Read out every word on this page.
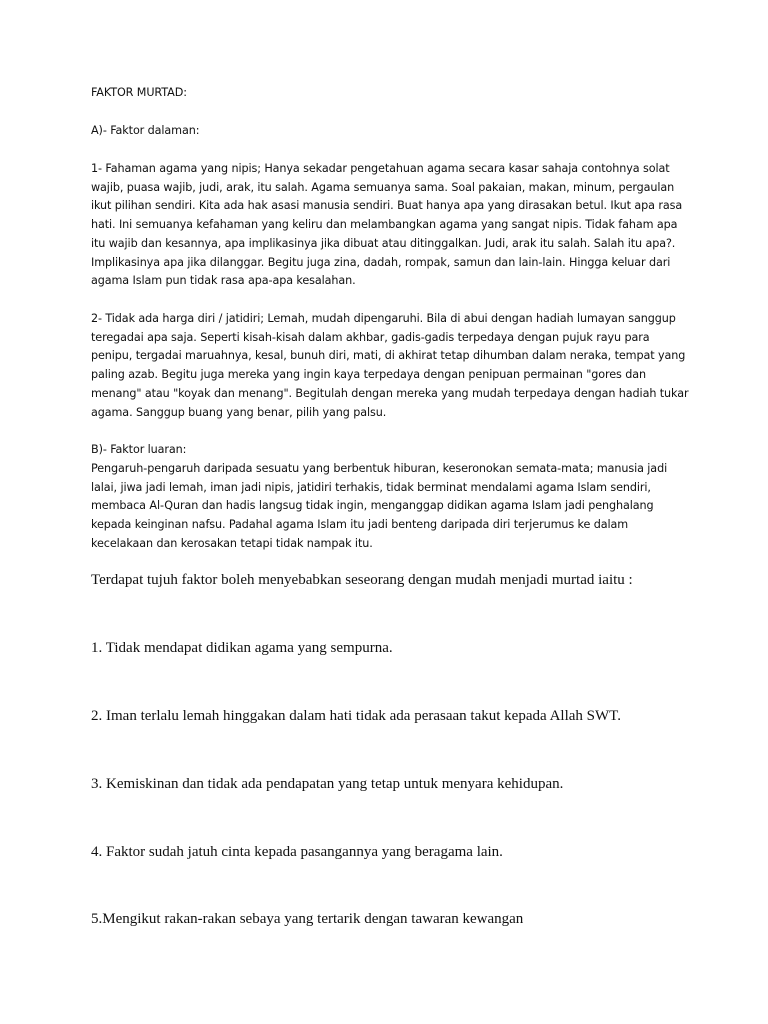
FAKTOR MURTAD:

A)- Faktor dalaman:

1- Fahaman agama yang nipis; Hanya sekadar pengetahuan agama secara kasar sahaja contohnya solat wajib, puasa wajib, judi, arak, itu salah. Agama semuanya sama. Soal pakaian, makan, minum, pergaulan ikut pilihan sendiri. Kita ada hak asasi manusia sendiri. Buat hanya apa yang dirasakan betul. Ikut apa rasa hati. Ini semuanya kefahaman yang keliru dan melambangkan agama yang sangat nipis. Tidak faham apa itu wajib dan kesannya, apa implikasinya jika dibuat atau ditinggalkan. Judi, arak itu salah. Salah itu apa?. Implikasinya apa jika dilanggar. Begitu juga zina, dadah, rompak, samun dan lain-lain. Hingga keluar dari agama Islam pun tidak rasa apa-apa kesalahan.

2- Tidak ada harga diri / jatidiri; Lemah, mudah dipengaruhi. Bila di abui dengan hadiah lumayan sanggup teregadai apa saja. Seperti kisah-kisah dalam akhbar, gadis-gadis terpedaya dengan pujuk rayu para penipu, tergadai maruahnya, kesal, bunuh diri, mati, di akhirat tetap dihumban dalam neraka, tempat yang paling azab. Begitu juga mereka yang ingin kaya terpedaya dengan penipuan permainan "gores dan menang" atau "koyak dan menang". Begitulah dengan mereka yang mudah terpedaya dengan hadiah tukar agama. Sanggup buang yang benar, pilih yang palsu.

B)- Faktor luaran:

Pengaruh-pengaruh daripada sesuatu yang berbentuk hiburan, keseronokan semata-mata; manusia jadi lalai, jiwa jadi lemah, iman jadi nipis, jatidiri terhakis, tidak berminat mendalami agama Islam sendiri, membaca Al-Quran dan hadis langsug tidak ingin, menganggap didikan agama Islam jadi penghalang kepada keinginan nafsu. Padahal agama Islam itu jadi benteng daripada diri terjerumus ke dalam kecelakaan dan kerosakan tetapi tidak nampak itu.

Terdapat tujuh faktor boleh menyebabkan seseorang dengan mudah menjadi murtad iaitu :

1. Tidak mendapat didikan agama yang sempurna.

2. Iman terlalu lemah hinggakan dalam hati tidak ada perasaan takut kepada Allah SWT.

3. Kemiskinan dan tidak ada pendapatan yang tetap untuk menyara kehidupan.

4. Faktor sudah jatuh cinta kepada pasangannya yang beragama lain.

5.Mengikut rakan-rakan sebaya yang tertarik dengan tawaran kewangan
